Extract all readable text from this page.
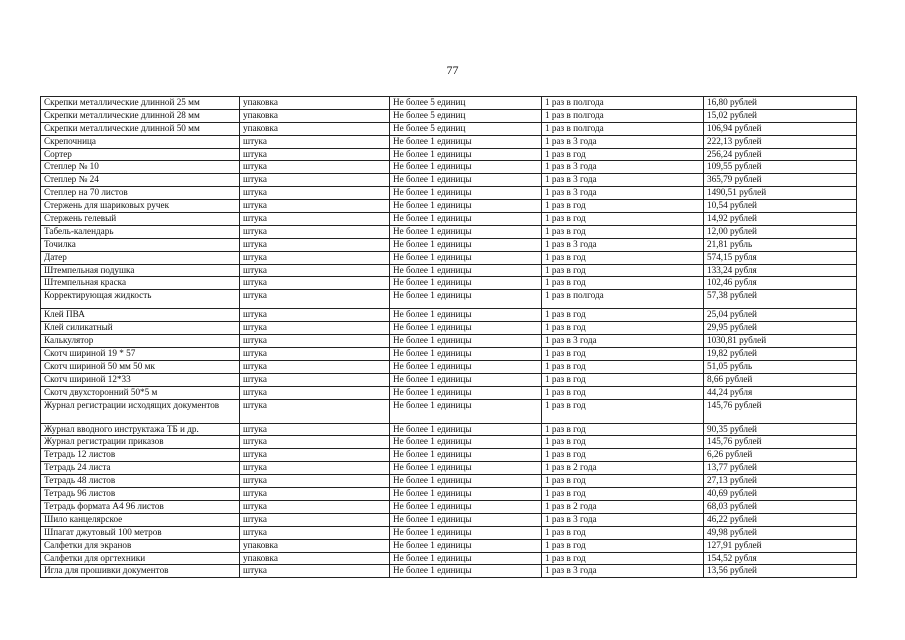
77
Скрепки металлические длинной 25 мм	упаковка	Не более 5 единиц	1 раз в полгода	16,80 рублей
Скрепки металлические длинной 28 мм	упаковка	Не более 5 единиц	1 раз в полгода	15,02 рублей
Скрепки металлические длинной 50 мм	упаковка	Не более 5 единиц	1 раз в полгода	106,94 рублей
Скрепочница	штука	Не более 1 единицы	1 раз в 3 года	222,13 рублей
Сортер	штука	Не более 1 единицы	1 раз в год	256,24 рублей
Степлер № 10	штука	Не более 1 единицы	1 раз в 3 года	109,55 рублей
Степлер № 24	штука	Не более 1 единицы	1 раз в 3 года	365,79 рублей
Степлер на 70 листов	штука	Не более 1 единицы	1 раз в 3 года	1490,51 рублей
Стержень для шариковых ручек	штука	Не более 1 единицы	1 раз в год	10,54 рублей
Стержень гелевый	штука	Не более 1 единицы	1 раз в год	14,92 рублей
Табель-календарь	штука	Не более 1 единицы	1 раз в год	12,00 рублей
Точилка	штука	Не более 1 единицы	1 раз в 3 года	21,81 рубль
Датер	штука	Не более 1 единицы	1 раз в год	574,15 рубля
Штемпельная подушка	штука	Не более 1 единицы	1 раз в год	133,24 рубля
Штемпельная краска	штука	Не более 1 единицы	1 раз в год	102,46 рубля
Корректирующая жидкость	штука	Не более 1 единицы	1 раз в полгода	57,38 рублей
Клей ПВА	штука	Не более 1 единицы	1 раз в год	25,04 рублей
Клей силикатный	штука	Не более 1 единицы	1 раз в год	29,95 рублей
Калькулятор	штука	Не более 1 единицы	1 раз в 3 года	1030,81 рублей
Скотч шириной 19 * 57	штука	Не более 1 единицы	1 раз в год	19,82 рублей
Скотч шириной 50 мм 50 мк	штука	Не более 1 единицы	1 раз в год	51,05 рубль
Скотч шириной 12*33	штука	Не более 1 единицы	1 раз в год	8,66 рублей
Скотч двухсторонний 50*5 м	штука	Не более 1 единицы	1 раз в год	44,24 рубля
Журнал регистрации исходящих документов	штука	Не более 1 единицы	1 раз в год	145,76 рублей
Журнал вводного инструктажа ТБ и др.	штука	Не более 1 единицы	1 раз в год	90,35 рублей
Журнал регистрации приказов	штука	Не более 1 единицы	1 раз в год	145,76 рублей
Тетрадь 12 листов	штука	Не более 1 единицы	1 раз в год	6,26 рублей
Тетрадь 24 листа	штука	Не более 1 единицы	1 раз в 2 года	13,77 рублей
Тетрадь 48 листов	штука	Не более 1 единицы	1 раз в год	27,13 рублей
Тетрадь 96 листов	штука	Не более 1 единицы	1 раз в год	40,69 рублей
Тетрадь формата А4 96 листов	штука	Не более 1 единицы	1 раз в 2 года	68,03 рублей
Шило канцелярское	штука	Не более 1 единицы	1 раз в 3 года	46,22 рублей
Шпагат джутовый 100 метров	штука	Не более 1 единицы	1 раз в год	49,98 рублей
Салфетки для экранов	упаковка	Не более 1 единицы	1 раз в год	127,91 рублей
Салфетки для оргтехники	упаковка	Не более 1 единицы	1 раз в год	154,52 рубля
Игла для прошивки документов	штука	Не более 1 единицы	1 раз в 3 года	13,56 рублей
